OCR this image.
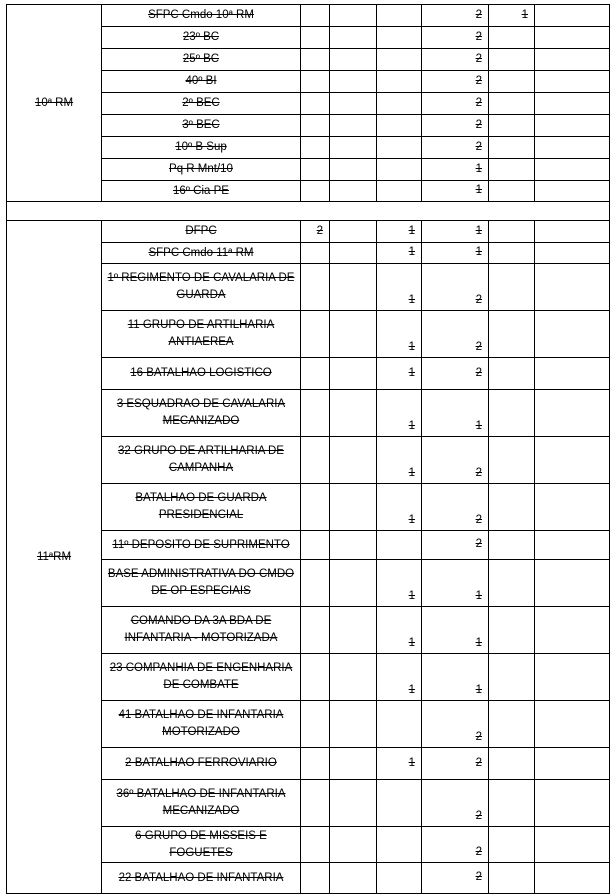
10ª RM	SFPC Cmdo 10ª RM				2	1	
	23º BC				2		
	25º BC				2		
	40º BI				2		
	2º BEC				2		
	3º BEC				2		
	10º B Sup				2		
	Pq R Mnt/10				1		
	16º Cia PE				1		

11ªRM	DFPC	2		1	1		
	SFPC Cmdo 11ª RM			1	1		
	1º REGIMENTO DE CAVALARIA DE GUARDA			1	2		
	11 GRUPO DE ARTILHARIA ANTIAEREA			1	2		
	16 BATALHAO LOGISTICO			1	2		
	3 ESQUADRAO DE CAVALARIA MECANIZADO			1	1		
	32 GRUPO DE ARTILHARIA DE CAMPANHA			1	2		
	BATALHAO DE GUARDA PRESIDENCIAL			1	2		
	11º DEPOSITO DE SUPRIMENTO				2		
	BASE ADMINISTRATIVA DO CMDO DE OP ESPECIAIS			1	1		
	COMANDO DA 3A BDA DE INFANTARIA - MOTORIZADA			1	1		
	23 COMPANHIA DE ENGENHARIA DE COMBATE			1	1		
	41 BATALHAO DE INFANTARIA MOTORIZADO				2		
	2 BATALHAO FERROVIARIO			1	2		
	36º BATALHAO DE INFANTARIA MECANIZADO				2		
	6 GRUPO DE MISSEIS E FOGUETES				2		
	22 BATALHAO DE INFANTARIA				2		
